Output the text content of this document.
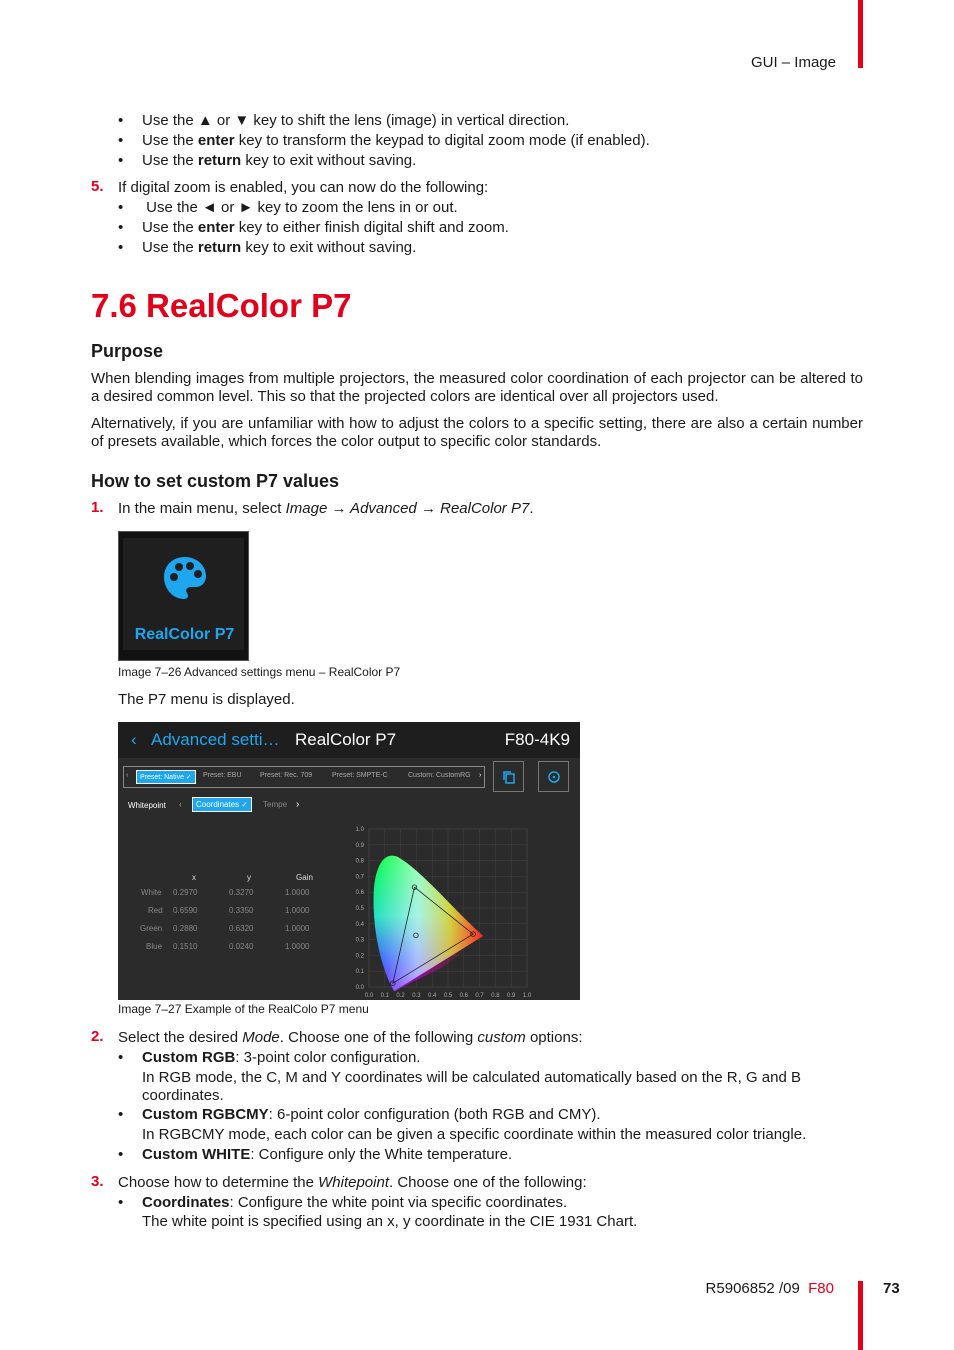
GUI – Image
• Use the ▲ or ▼ key to shift the lens (image) in vertical direction.
• Use the enter key to transform the keypad to digital zoom mode (if enabled).
• Use the return key to exit without saving.
5. If digital zoom is enabled, you can now do the following:
• Use the ◄ or ► key to zoom the lens in or out.
• Use the enter key to either finish digital shift and zoom.
• Use the return key to exit without saving.
7.6 RealColor P7
Purpose
When blending images from multiple projectors, the measured color coordination of each projector can be altered to a desired common level. This so that the projected colors are identical over all projectors used.
Alternatively, if you are unfamiliar with how to adjust the colors to a specific setting, there are also a certain number of presets available, which forces the color output to specific color standards.
How to set custom P7 values
1. In the main menu, select Image → Advanced → RealColor P7.
RealColor P7
Image 7–26 Advanced settings menu – RealColor P7
The P7 menu is displayed.
‹ Advanced setti… RealColor P7	F80-4K9
‹	Preset: Native ✓	Preset: EBU	Preset: Rec. 709	Preset: SMPTE-C	Custom: CustomRG ›
Whitepoint ‹	Coordinates ✓	Tempe ›
x	y	Gain
White 0.2970	0.3270	1.0000
Red 0.6590	0.3350	1.0000
Green 0.2880	0.6320	1.0000
Blue 0.1510	0.0240	1.0000
1.0
0.9
0.8
0.7
0.6
0.5
0.4
0.3
0.2
0.1
0.0
0.0 0.1 0.2 0.3 0.4 0.5 0.6 0.7 0.8 0.9 1.0
Image 7–27 Example of the RealColo P7 menu
2. Select the desired Mode. Choose one of the following custom options:
• Custom RGB: 3-point color configuration.
In RGB mode, the C, M and Y coordinates will be calculated automatically based on the R, G and B coordinates.
• Custom RGBCMY: 6-point color configuration (both RGB and CMY).
In RGBCMY mode, each color can be given a specific coordinate within the measured color triangle.
• Custom WHITE: Configure only the White temperature.
3. Choose how to determine the Whitepoint. Choose one of the following:
• Coordinates: Configure the white point via specific coordinates.
The white point is specified using an x, y coordinate in the CIE 1931 Chart.
R5906852 /09 F80	73
